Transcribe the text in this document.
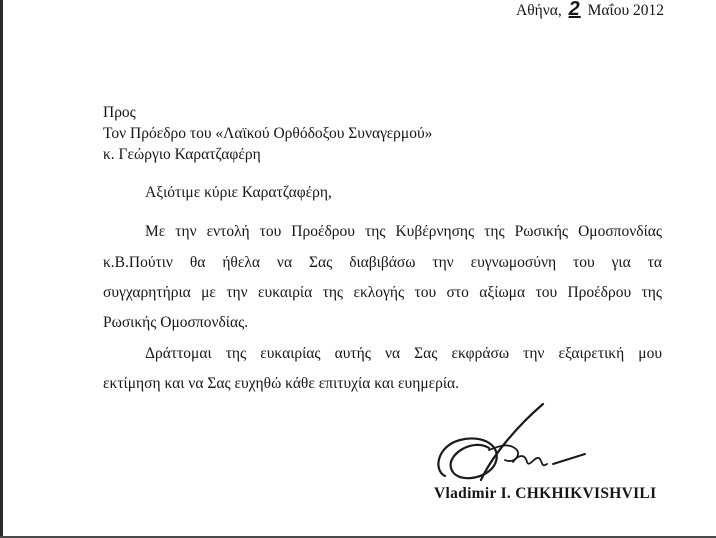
Αθήνα, 2 Μαΐου 2012
Προς
Τον Πρόεδρο του «Λαϊκού Ορθόδοξου Συναγερμού»
κ. Γεώργιο Καρατζαφέρη
Αξιότιμε κύριε Καρατζαφέρη,
Με την εντολή του Προέδρου της Κυβέρνησης της Ρωσικής Ομοσπονδίας
κ.Β.Πούτιν θα ήθελα να Σας διαβιβάσω την ευγνωμοσύνη του για τα
συγχαρητήρια με την ευκαιρία της εκλογής του στο αξίωμα του Προέδρου της
Ρωσικής Ομοσπονδίας.
Δράττομαι της ευκαιρίας αυτής να Σας εκφράσω την εξαιρετική μου
εκτίμηση και να Σας ευχηθώ κάθε επιτυχία και ευημερία.
Vladimir I. CHKHIKVISHVILI
